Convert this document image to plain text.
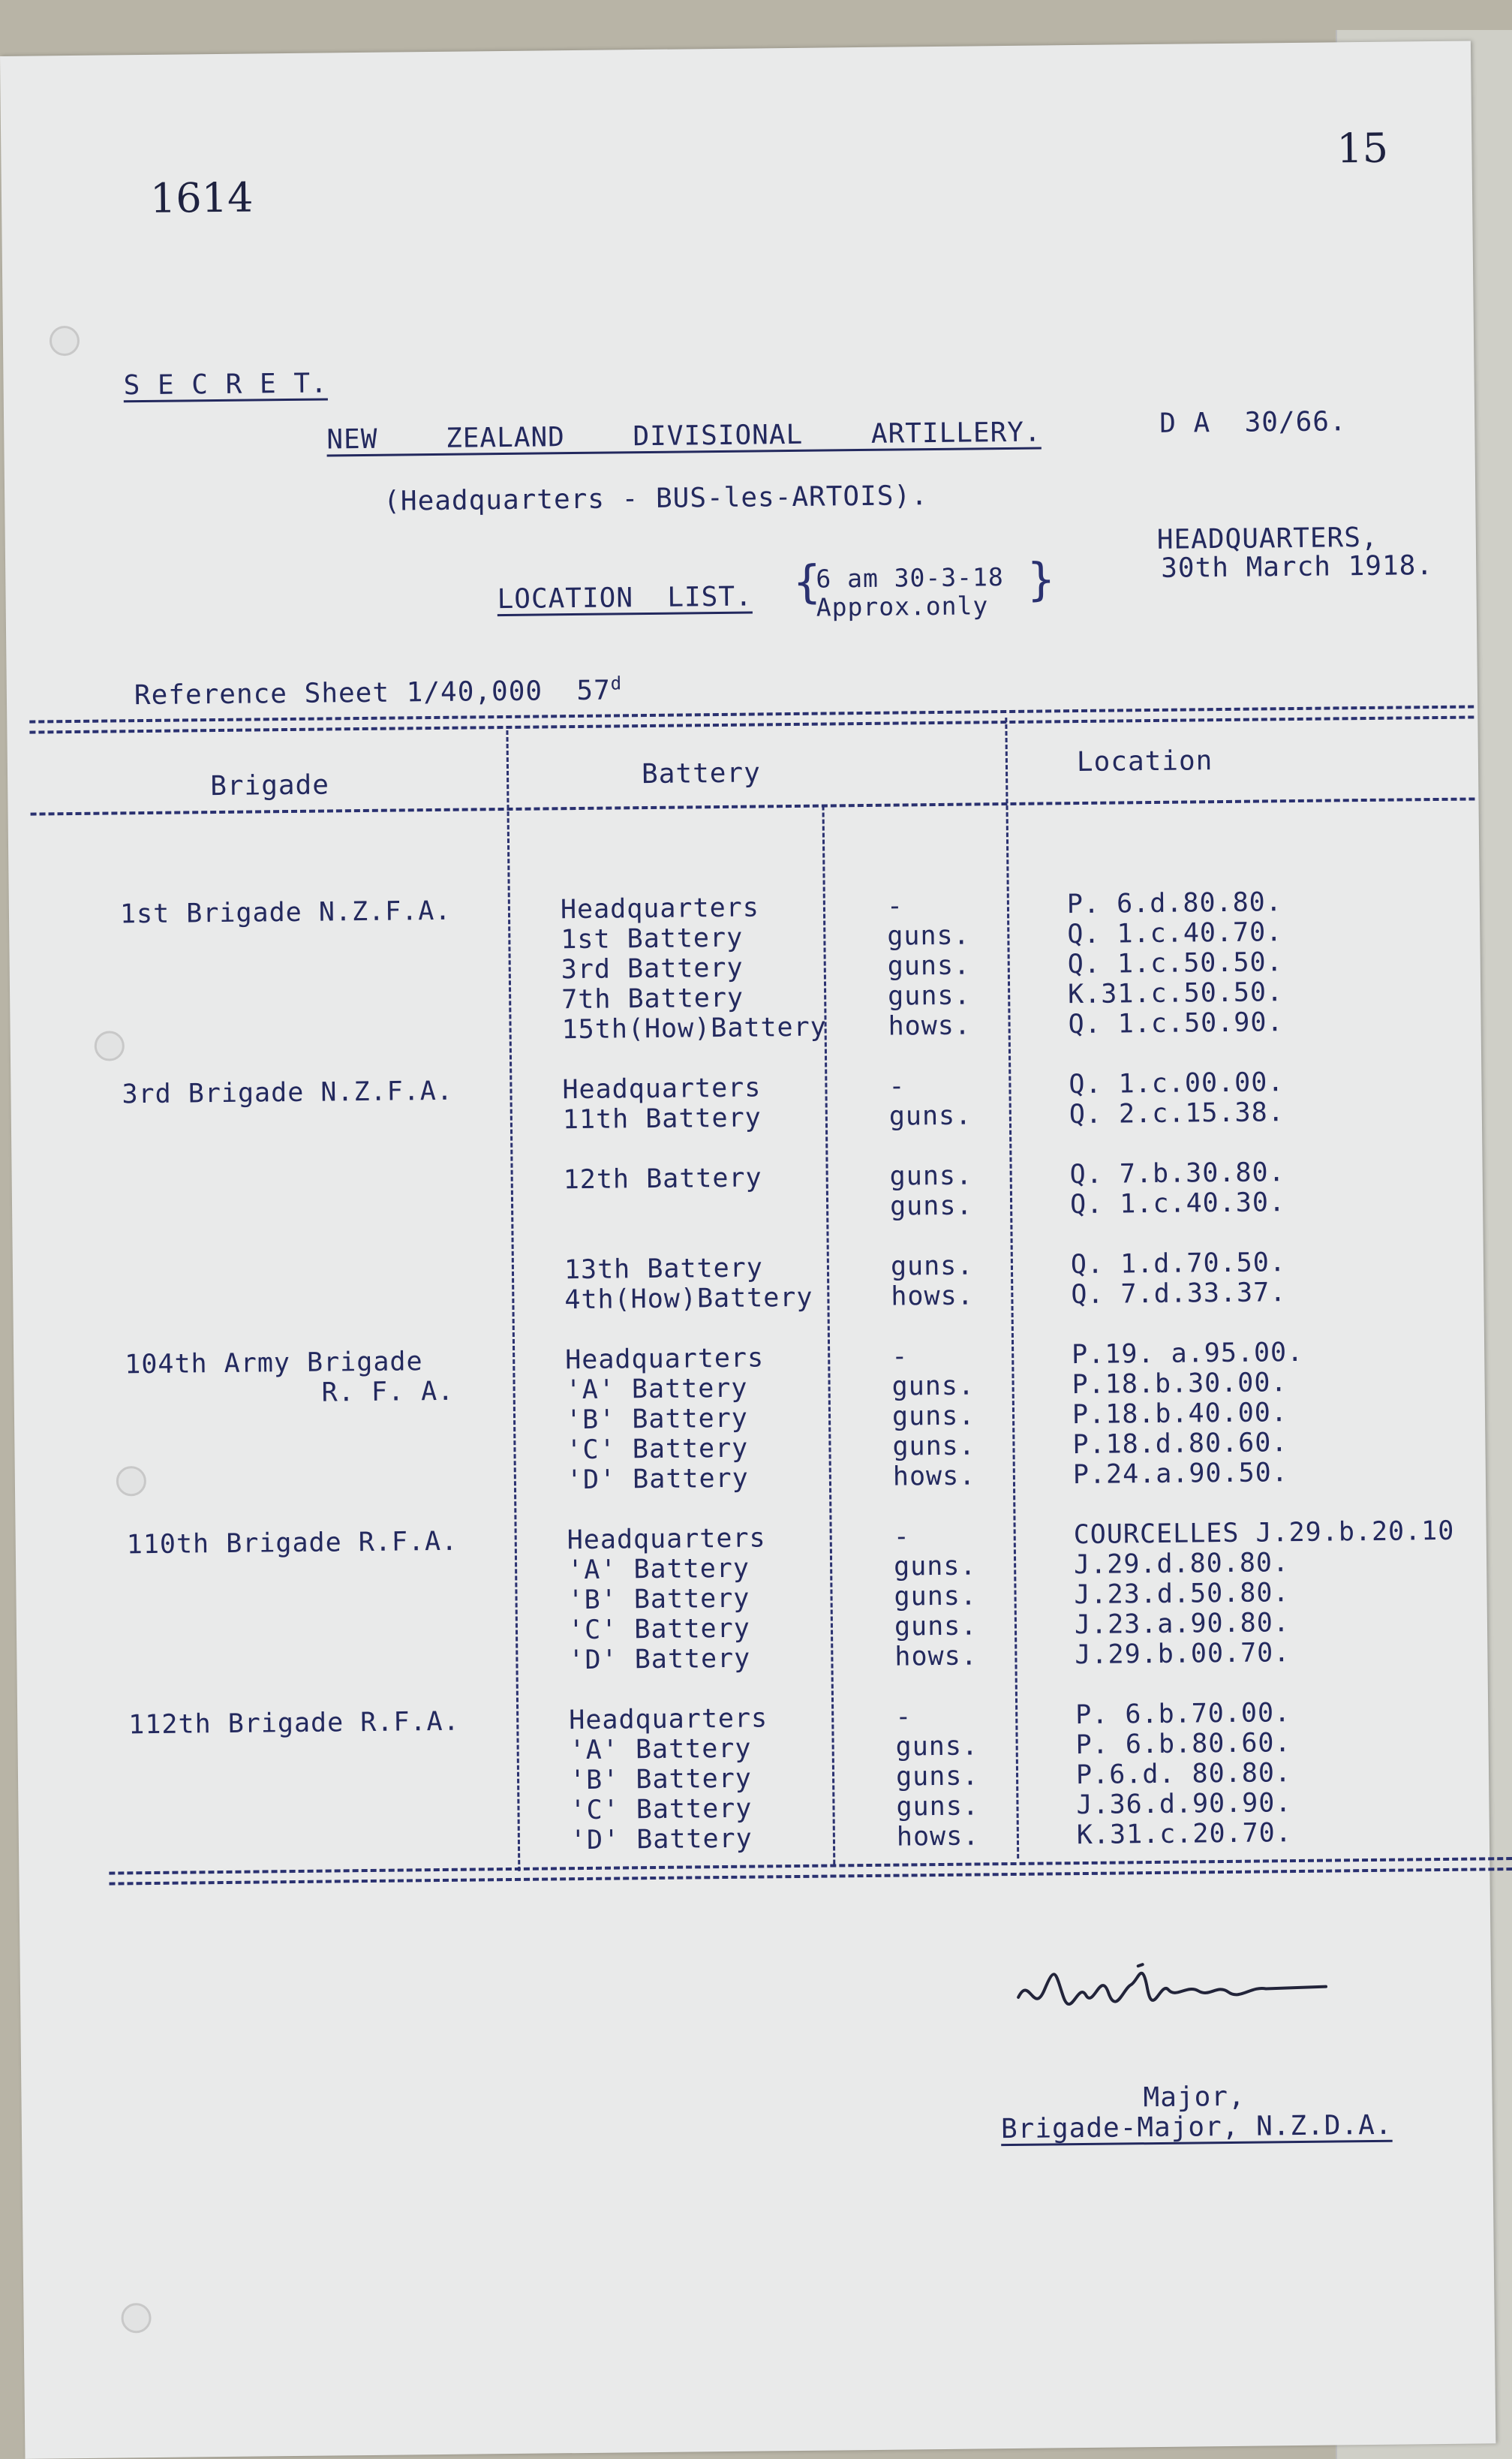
1614
15
S E C R E T.
NEW    ZEALAND    DIVISIONAL    ARTILLERY.	D A  30/66.
(Headquarters - BUS-les-ARTOIS).
HEADQUARTERS,
30th March 1918.
LOCATION  LIST. {
6 am 30-3-18
Approx.only
}
Reference Sheet 1/40,000  57$^d$
Brigade	Battery	Location
1st Brigade N.Z.F.A.	Headquarters	-	P. 6.d.80.80.
1st Battery	guns.	Q. 1.c.40.70.
3rd Battery	guns.	Q. 1.c.50.50.
7th Battery	guns.	K.31.c.50.50.
15th(How)Battery hows.	Q. 1.c.50.90.
3rd Brigade N.Z.F.A.	Headquarters	-	Q. 1.c.00.00.
11th Battery	guns.	Q. 2.c.15.38.
12th Battery	guns.	Q. 7.b.30.80.
guns.	Q. 1.c.40.30.
13th Battery	guns.	Q. 1.d.70.50.
4th(How)Battery	hows.	Q. 7.d.33.37.
104th Army Brigade
R. F. A.
Headquarters	-	P.19. a.95.00.
'A' Battery	guns.	P.18.b.30.00.
'B' Battery	guns.	P.18.b.40.00.
'C' Battery	guns.	P.18.d.80.60.
'D' Battery	hows.	P.24.a.90.50.
110th Brigade R.F.A.	Headquarters	-	COURCELLES J.29.b.20.10
'A' Battery	guns.	J.29.d.80.80.
'B' Battery	guns.	J.23.d.50.80.
'C' Battery	guns.	J.23.a.90.80.
'D' Battery	hows.	J.29.b.00.70.
112th Brigade R.F.A.	Headquarters	-	P. 6.b.70.00.
'A' Battery	guns.	P. 6.b.80.60.
'B' Battery	guns.	P.6.d. 80.80.
'C' Battery	guns.	J.36.d.90.90.
'D' Battery	hows.	K.31.c.20.70.
Major,
Brigade-Major, N.Z.D.A.
